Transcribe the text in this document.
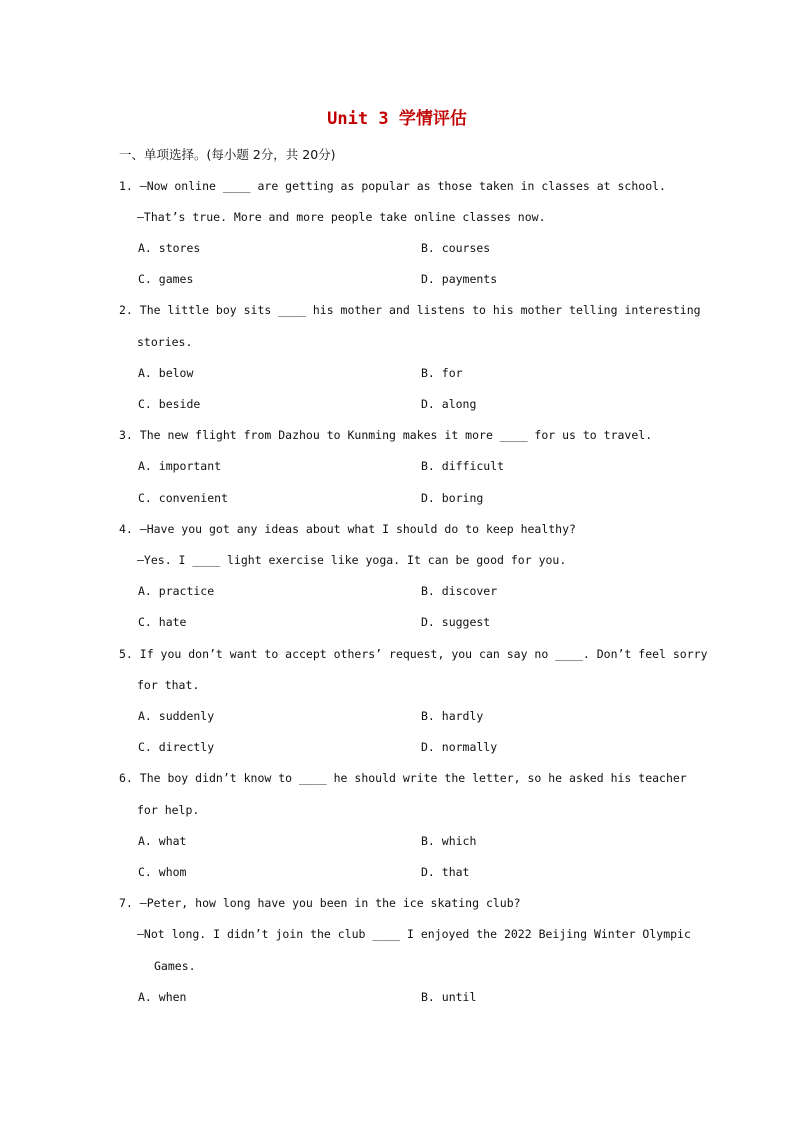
Unit 3 学情评估
一、单项选择。(每小题 2分，共 20分)
1. —Now online ____ are getting as popular as those taken in classes at school.
—That’s true. More and more people take online classes now.
A. stores	B. courses
C. games	D. payments
2. The little boy sits ____ his mother and listens to his mother telling interesting
stories.
A. below	B. for
C. beside	D. along
3. The new flight from Dazhou to Kunming makes it more ____ for us to travel.
A. important	B. difficult
C. convenient	D. boring
4. —Have you got any ideas about what I should do to keep healthy?
—Yes. I ____ light exercise like yoga. It can be good for you.
A. practice	B. discover
C. hate	D. suggest
5. If you don’t want to accept others’ request, you can say no ____. Don’t feel sorry
for that.
A. suddenly	B. hardly
C. directly	D. normally
6. The boy didn’t know to ____ he should write the letter, so he asked his teacher
for help.
A. what	B. which
C. whom	D. that
7. —Peter, how long have you been in the ice skating club?
—Not long. I didn’t join the club ____ I enjoyed the 2022 Beijing Winter Olympic
Games.
A. when	B. until
